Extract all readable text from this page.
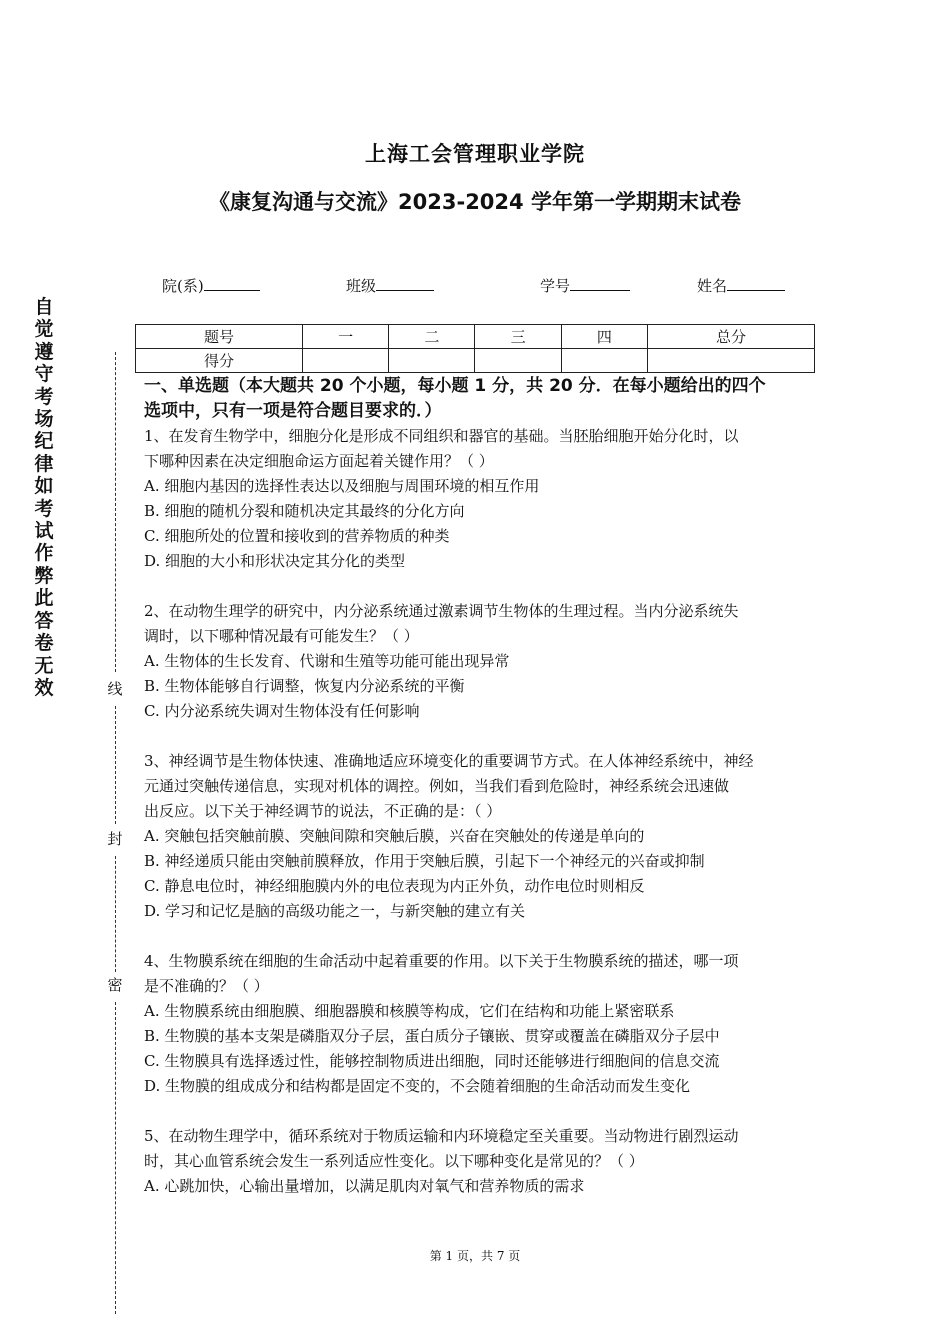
上海工会管理职业学院
《康复沟通与交流》2023-2024 学年第一学期期末试卷
院(系)	班级	学号	姓名
题号	一	二	三	四	总分
得分					
自
觉
遵
守
考
场
纪
律
如
考
试
作
弊
此
答
卷
无
效	线
封
密
一、单选题（本大题共 20 个小题，每小题 1 分，共 20 分．在每小题给出的四个
选项中，只有一项是符合题目要求的．）

1、在发育生物学中，细胞分化是形成不同组织和器官的基础。当胚胎细胞开始分化时，以

下哪种因素在决定细胞命运方面起着关键作用？（ ）

A. 细胞内基因的选择性表达以及细胞与周围环境的相互作用

B. 细胞的随机分裂和随机决定其最终的分化方向

C. 细胞所处的位置和接收到的营养物质的种类

D. 细胞的大小和形状决定其分化的类型

2、在动物生理学的研究中，内分泌系统通过激素调节生物体的生理过程。当内分泌系统失

调时，以下哪种情况最有可能发生？（ ）

A. 生物体的生长发育、代谢和生殖等功能可能出现异常

B. 生物体能够自行调整，恢复内分泌系统的平衡

C. 内分泌系统失调对生物体没有任何影响

3、神经调节是生物体快速、准确地适应环境变化的重要调节方式。在人体神经系统中，神经

元通过突触传递信息，实现对机体的调控。例如，当我们看到危险时，神经系统会迅速做

出反应。以下关于神经调节的说法，不正确的是：（ ）

A. 突触包括突触前膜、突触间隙和突触后膜，兴奋在突触处的传递是单向的

B. 神经递质只能由突触前膜释放，作用于突触后膜，引起下一个神经元的兴奋或抑制

C. 静息电位时，神经细胞膜内外的电位表现为内正外负，动作电位时则相反

D. 学习和记忆是脑的高级功能之一，与新突触的建立有关

4、生物膜系统在细胞的生命活动中起着重要的作用。以下关于生物膜系统的描述，哪一项

是不准确的？（ ）

A. 生物膜系统由细胞膜、细胞器膜和核膜等构成，它们在结构和功能上紧密联系

B. 生物膜的基本支架是磷脂双分子层，蛋白质分子镶嵌、贯穿或覆盖在磷脂双分子层中

C. 生物膜具有选择透过性，能够控制物质进出细胞，同时还能够进行细胞间的信息交流

D. 生物膜的组成成分和结构都是固定不变的，不会随着细胞的生命活动而发生变化

5、在动物生理学中，循环系统对于物质运输和内环境稳定至关重要。当动物进行剧烈运动

时，其心血管系统会发生一系列适应性变化。以下哪种变化是常见的？（ ）

A. 心跳加快，心输出量增加，以满足肌肉对氧气和营养物质的需求

第 1 页，共 7 页
